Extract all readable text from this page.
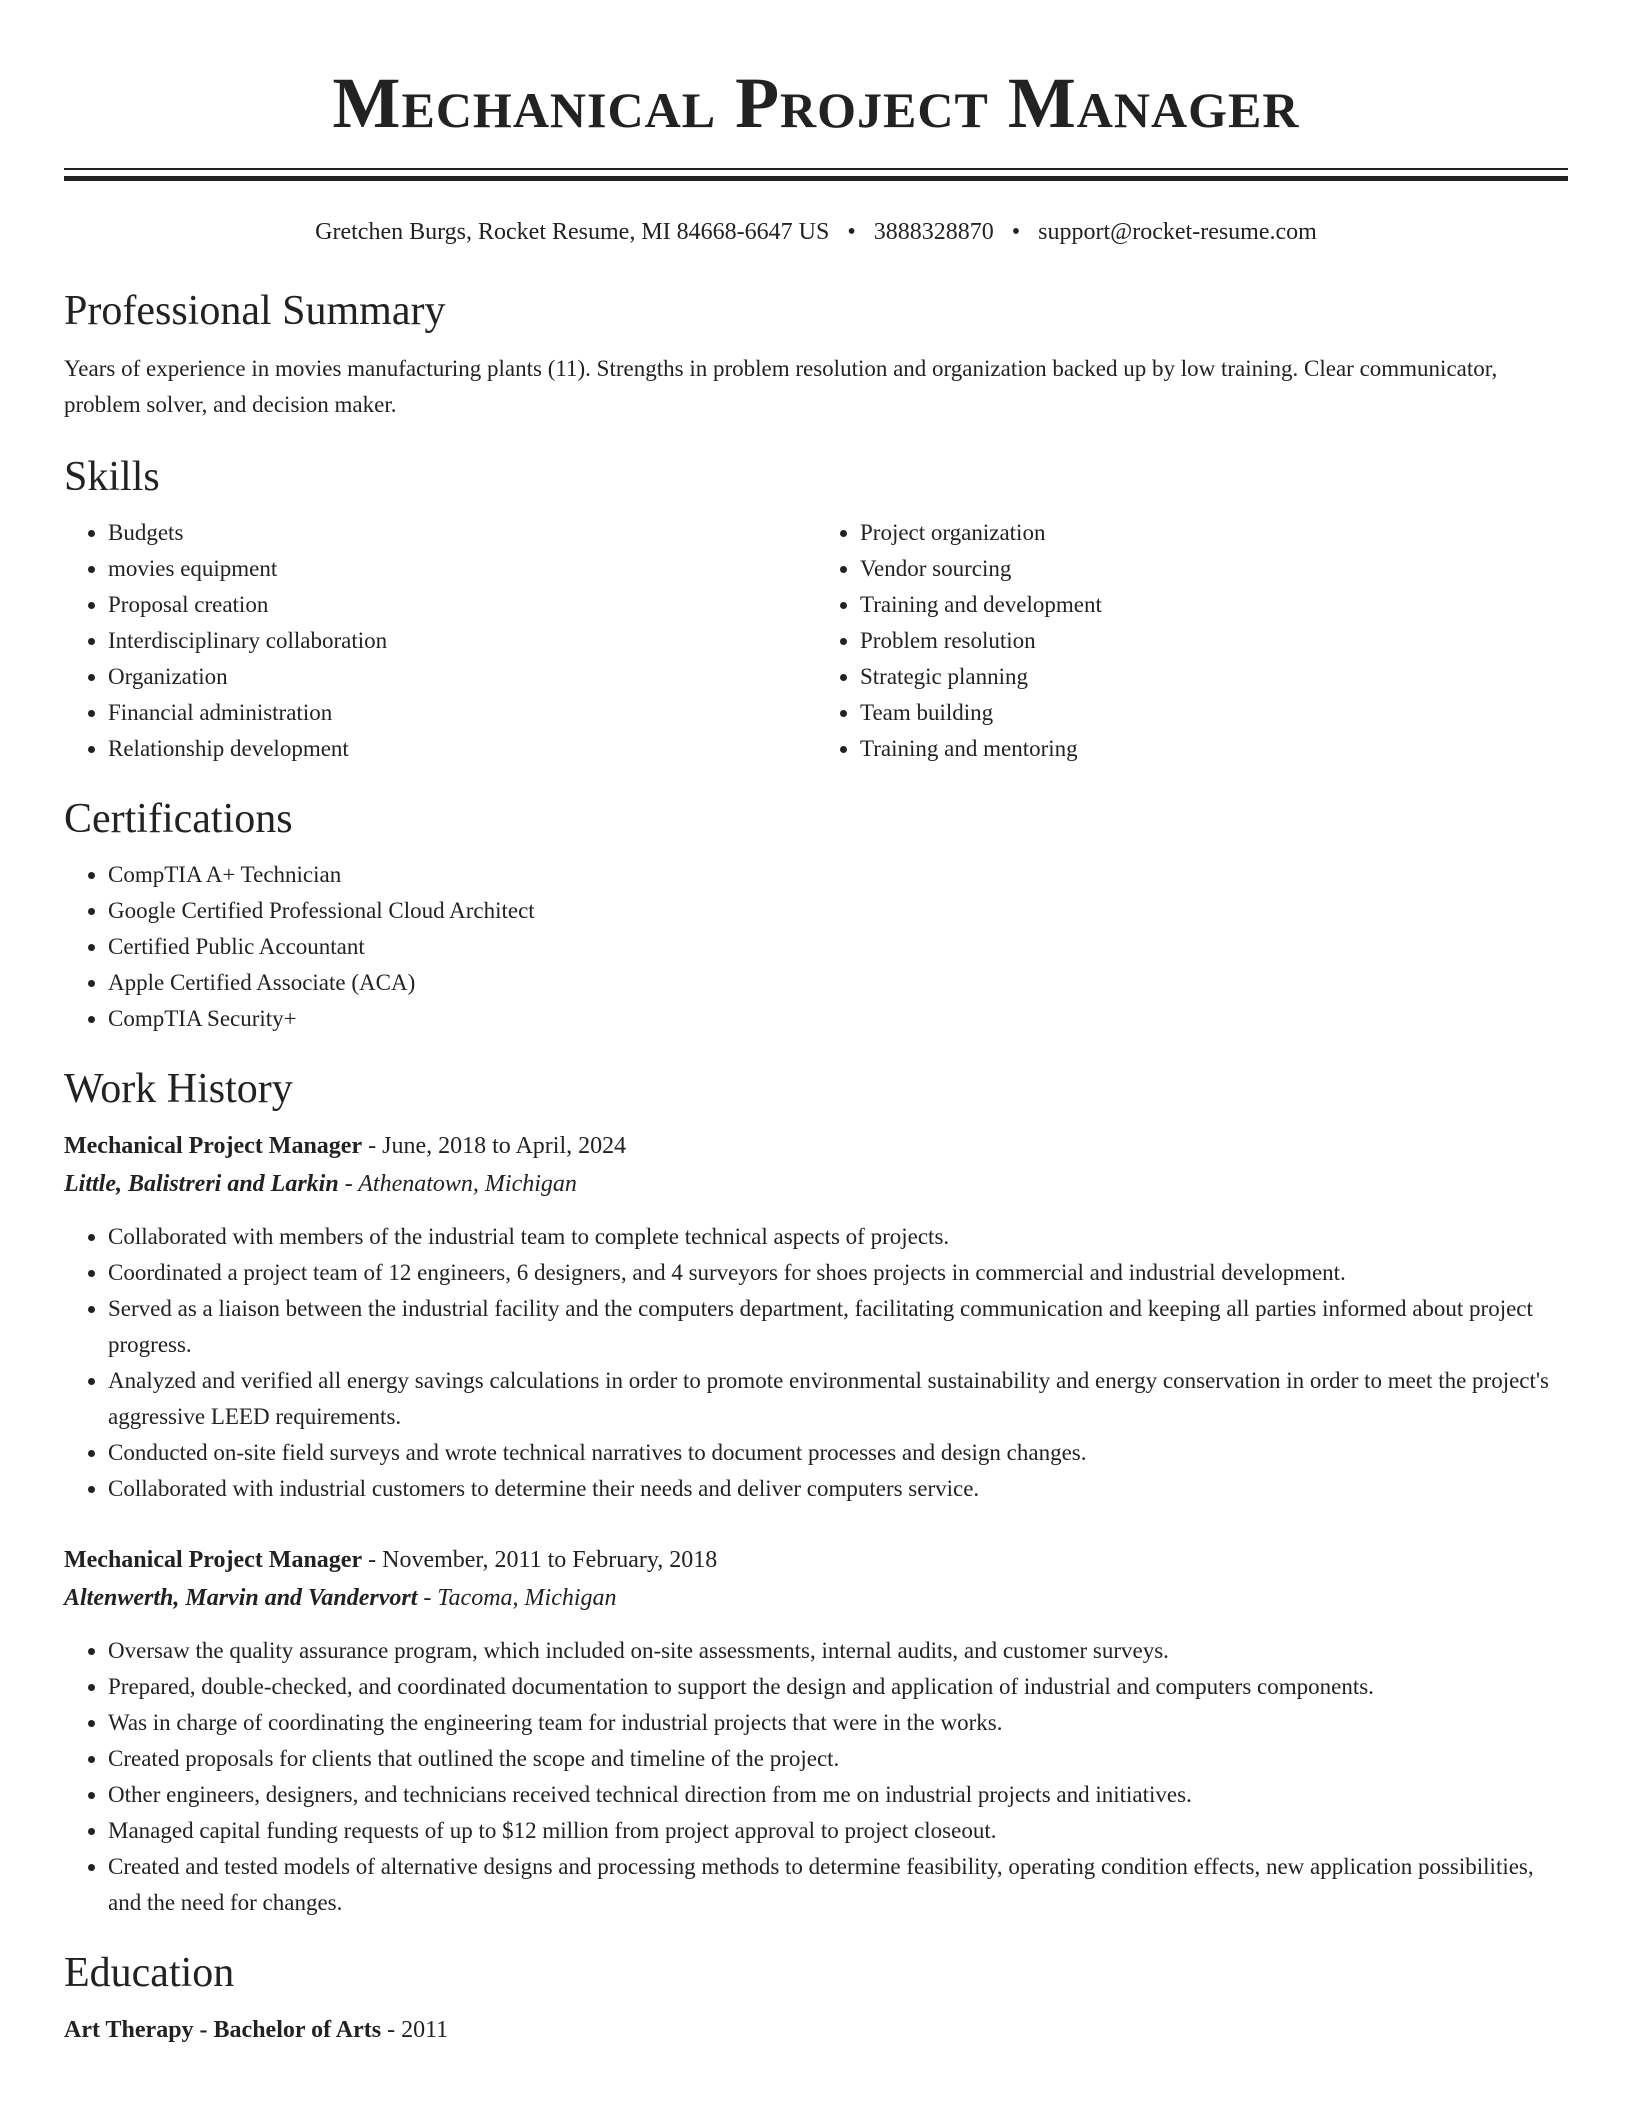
Mechanical Project Manager
Gretchen Burgs, Rocket Resume, MI 84668-6647 US • 3888328870 • support@rocket-resume.com
Professional Summary

Years of experience in movies manufacturing plants (11). Strengths in problem resolution and organization backed up by low training. Clear communicator, problem solver, and decision maker.

Skills
• Budgets
• movies equipment
• Proposal creation
• Interdisciplinary collaboration
• Organization
• Financial administration
• Relationship development
• Project organization
• Vendor sourcing
• Training and development
• Problem resolution
• Strategic planning
• Team building
• Training and mentoring
Certifications
• CompTIA A+ Technician
• Google Certified Professional Cloud Architect
• Certified Public Accountant
• Apple Certified Associate (ACA)
• CompTIA Security+
Work History
Mechanical Project Manager - June, 2018 to April, 2024
Little, Balistreri and Larkin - Athenatown, Michigan
• Collaborated with members of the industrial team to complete technical aspects of projects.
• Coordinated a project team of 12 engineers, 6 designers, and 4 surveyors for shoes projects in commercial and industrial development.
• Served as a liaison between the industrial facility and the computers department, facilitating communication and keeping all parties informed about project progress.
• Analyzed and verified all energy savings calculations in order to promote environmental sustainability and energy conservation in order to meet the project's aggressive LEED requirements.
• Conducted on-site field surveys and wrote technical narratives to document processes and design changes.
• Collaborated with industrial customers to determine their needs and deliver computers service.
Mechanical Project Manager - November, 2011 to February, 2018
Altenwerth, Marvin and Vandervort - Tacoma, Michigan
• Oversaw the quality assurance program, which included on-site assessments, internal audits, and customer surveys.
• Prepared, double-checked, and coordinated documentation to support the design and application of industrial and computers components.
• Was in charge of coordinating the engineering team for industrial projects that were in the works.
• Created proposals for clients that outlined the scope and timeline of the project.
• Other engineers, designers, and technicians received technical direction from me on industrial projects and initiatives.
• Managed capital funding requests of up to $12 million from project approval to project closeout.
• Created and tested models of alternative designs and processing methods to determine feasibility, operating condition effects, new application possibilities, and the need for changes.
Education
Art Therapy - Bachelor of Arts - 2011
